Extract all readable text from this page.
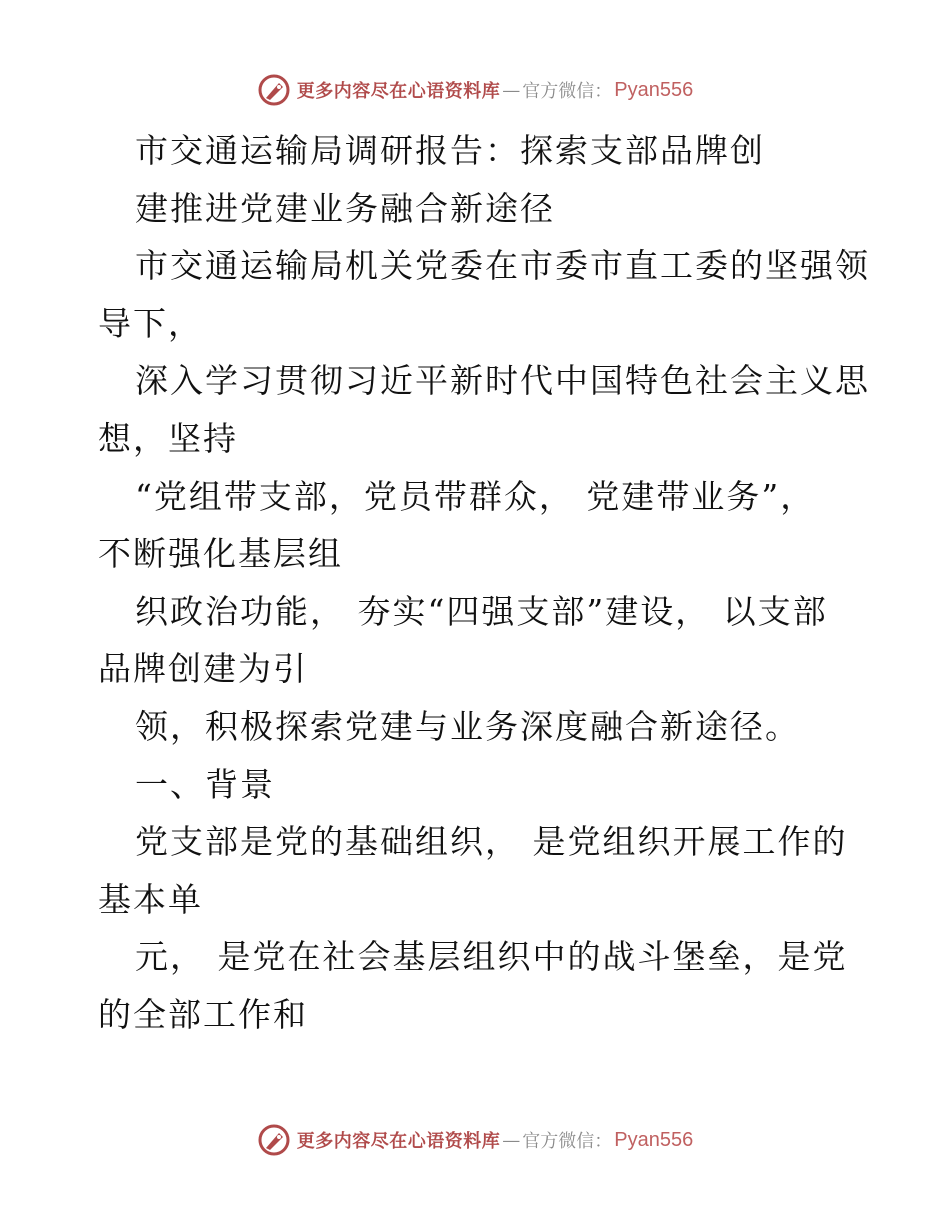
更多内容尽在心语资料库 — 官方微信： Pyan556
市交通运输局调研报告：探索支部品牌创
建推进党建业务融合新途径
市交通运输局机关党委在市委市直工委的坚强领
导下，
深入学习贯彻习近平新时代中国特色社会主义思
想，坚持
“党组带支部，党员带群众， 党建带业务”，
不断强化基层组
织政治功能， 夯实“四强支部”建设， 以支部
品牌创建为引
领，积极探索党建与业务深度融合新途径。
一、背景
党支部是党的基础组织， 是党组织开展工作的
基本单
元， 是党在社会基层组织中的战斗堡垒，是党
的全部工作和
更多内容尽在心语资料库 — 官方微信： Pyan556
